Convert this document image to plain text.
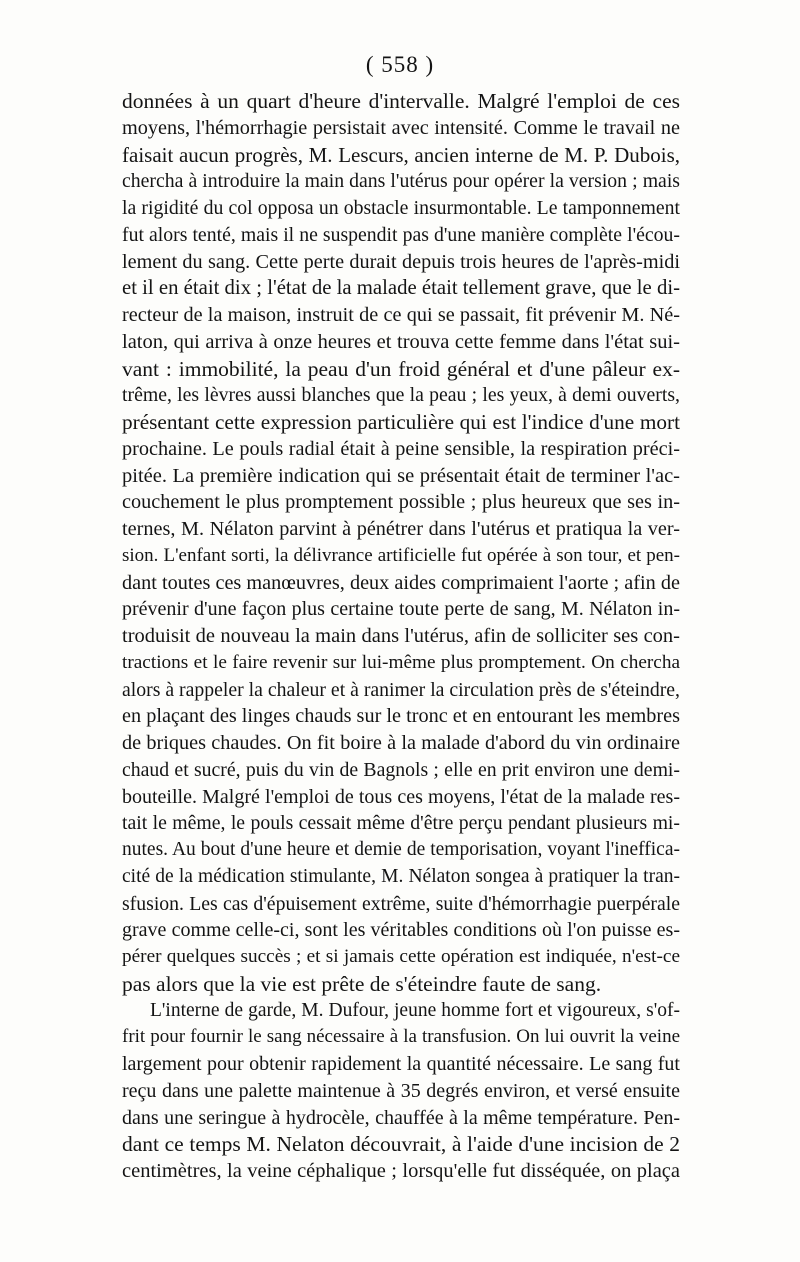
( 558 )
données à un quart d'heure d'intervalle. Malgré l'emploi de ces
moyens, l'hémorrhagie persistait avec intensité. Comme le travail ne
faisait aucun progrès, M. Lescurs, ancien interne de M. P. Dubois,
chercha à introduire la main dans l'utérus pour opérer la version ; mais
la rigidité du col opposa un obstacle insurmontable. Le tamponnement
fut alors tenté, mais il ne suspendit pas d'une manière complète l'écou-
lement du sang. Cette perte durait depuis trois heures de l'après-midi
et il en était dix ; l'état de la malade était tellement grave, que le di-
recteur de la maison, instruit de ce qui se passait, fit prévenir M. Né-
laton, qui arriva à onze heures et trouva cette femme dans l'état sui-
vant : immobilité, la peau d'un froid général et d'une pâleur ex-
trême, les lèvres aussi blanches que la peau ; les yeux, à demi ouverts,
présentant cette expression particulière qui est l'indice d'une mort
prochaine. Le pouls radial était à peine sensible, la respiration préci-
pitée. La première indication qui se présentait était de terminer l'ac-
couchement le plus promptement possible ; plus heureux que ses in-
ternes, M. Nélaton parvint à pénétrer dans l'utérus et pratiqua la ver-
sion. L'enfant sorti, la délivrance artificielle fut opérée à son tour, et pen-
dant toutes ces manœuvres, deux aides comprimaient l'aorte ; afin de
prévenir d'une façon plus certaine toute perte de sang, M. Nélaton in-
troduisit de nouveau la main dans l'utérus, afin de solliciter ses con-
tractions et le faire revenir sur lui-même plus promptement. On chercha
alors à rappeler la chaleur et à ranimer la circulation près de s'éteindre,
en plaçant des linges chauds sur le tronc et en entourant les membres
de briques chaudes. On fit boire à la malade d'abord du vin ordinaire
chaud et sucré, puis du vin de Bagnols ; elle en prit environ une demi-
bouteille. Malgré l'emploi de tous ces moyens, l'état de la malade res-
tait le même, le pouls cessait même d'être perçu pendant plusieurs mi-
nutes. Au bout d'une heure et demie de temporisation, voyant l'inefficа-
cité de la médication stimulante, M. Nélaton songea à pratiquer la tran-
sfusion. Les cas d'épuisement extrême, suite d'hémorrhagie puerpérale
grave comme celle-ci, sont les véritables conditions où l'on puisse es-
pérer quelques succès ; et si jamais cette opération est indiquée, n'est-ce
pas alors que la vie est prête de s'éteindre faute de sang.
L'interne de garde, M. Dufour, jeune homme fort et vigoureux, s'of-
frit pour fournir le sang nécessaire à la transfusion. On lui ouvrit la veine
largement pour obtenir rapidement la quantité nécessaire. Le sang fut
reçu dans une palette maintenue à 35 degrés environ, et versé ensuite
dans une seringue à hydrocèle, chauffée à la même température. Pen-
dant ce temps M. Nelaton découvrait, à l'aide d'une incision de 2
centimètres, la veine céphalique ; lorsqu'elle fut disséquée, on plaça
